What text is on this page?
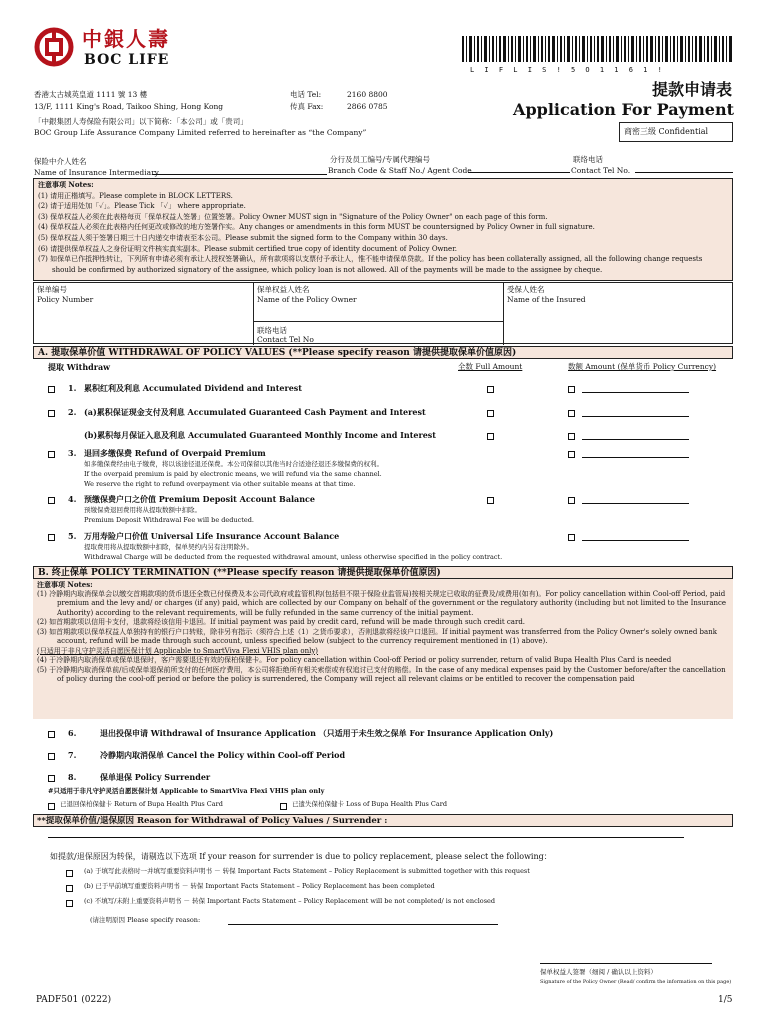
中銀人壽
BOC LIFE
L I F L I S ! 5 O 1 1 6 1 !
香港太古城英皇道 1111 號 13 樓
13/F, 1111 King's Road, Taikoo Shing, Hong Kong
电话 Tel:	2160 8800
传真 Fax:	2866 0785
「中銀集团人寿保险有限公司」以下简称：「本公司」或「贵司」
BOC Group Life Assurance Company Limited referred to hereinafter as “the Company”
提款申请表
Application For Payment
商密三级 Confidential
保险中介人姓名
Name of Insurance Intermediary
分行及员工编号/专属代理编号
Branch Code & Staff No./ Agent Code
联络电话
Contact Tel No.
注意事项 Notes:
(1) 请用正楷填写。Please complete in BLOCK LETTERS.
(2) 请于适用处加「✓」。Please Tick 「✓」 where appropriate.
(3) 保单权益人必须在此表格每页「保单权益人签署」位置签署。Policy Owner MUST sign in "Signature of the Policy Owner" on each page of this form.
(4) 保单权益人必须在此表格内任何更改或修改的地方签署作实。Any changes or amendments in this form MUST be countersigned by Policy Owner in full signature.
(5) 保单权益人须于签署日期三十日内递交申请表至本公司。Please submit the signed form to the Company within 30 days.
(6) 请提供保单权益人之身份证明文件核实真实副本。Please submit certified true copy of identity document of Policy Owner.
(7) 如保单已作抵押性转让，下列所有申请必须有承让人授权签署确认，所有款项将以支票付予承让人，惟不能申请保单贷款。If the policy has been collaterally assigned, all the following change requests should be confirmed by authorized signatory of the assignee, which policy loan is not allowed. All of the payments will be made to the assignee by cheque.
保单编号
Policy Number
保单权益人姓名
Name of the Policy Owner
受保人姓名
Name of the Insured
联络电话
Contact Tel No
A. 提取保单价值 WITHDRAWAL OF POLICY VALUES (**Please specify reason 请提供提取保单价值原因)
提取 Withdraw	全数 Full Amount	数额 Amount (保单货币 Policy Currency)
1. 累积红利及利息 Accumulated Dividend and Interest
2. (a)累积保证现金支付及利息 Accumulated Guaranteed Cash Payment and Interest
(b)累积每月保证入息及利息 Accumulated Guaranteed Monthly Income and Interest
3. 退回多缴保费 Refund of Overpaid Premium
如多缴保费经由电子缴费，将以该途径退还保费。本公司保留以其他当时合适途径退还多缴保费的权利。
If the overpaid premium is paid by electronic means, we will refund via the same channel.
We reserve the right to refund overpayment via other suitable means at that time.
4. 预缴保费户口之价值 Premium Deposit Account Balance
预缴保费退回费用将从提取数额中扣除。
Premium Deposit Withdrawal Fee will be deducted.
5. 万用寿险户口价值 Universal Life Insurance Account Balance
提取费用将从提取数额中扣除，保单契约内另有注明除外。
Withdrawal Charge will be deducted from the requested withdrawal amount, unless otherwise specified in the policy contract.
B. 终止保单 POLICY TERMINATION (**Please specify reason 请提供提取保单价值原因)
注意事项 Notes:
(1) 冷静期内取消保单会以缴交首期款项的货币退还全数已付保费及本公司代政府或监管机构(包括但不限于保险业监管局)按相关规定已收取的征费及/或费用(如有)。For policy cancellation within Cool-off Period, paid premium and the levy and/ or charges (if any) paid, which are collected by our Company on behalf of the government or the regulatory authority (including but not limited to the Insurance Authority) according to the relevant requirements, will be fully refunded in the same currency of the initial payment.
(2) 如首期款项以信用卡支付，退款将经该信用卡退回。If initial payment was paid by credit card, refund will be made through such credit card.
(3) 如首期款项以保单权益人单独持有的银行户口转账，除非另有指示（须符合上述（1）之货币要求），否则退款将经该户口退回。If initial payment was transferred from the Policy Owner's solely owned bank account, refund will be made through such account, unless specified below (subject to the currency requirement mentioned in (1) above).
(只适用于非凡守护灵活自愿医保计划 Applicable to SmartViva Flexi VHIS plan only)
(4) 于冷静期内取消保单或保单退保时，客户需要退还有效的保柏保健卡。For policy cancellation within Cool-off Period or policy surrender, return of valid Bupa Health Plus Card is needed
(5) 于冷静期内取消保单前/后或保单退保前所支付的任何医疗费用，本公司将拒绝所有相关索偿或有权追讨已支付的赔偿。In the case of any medical expenses paid by the Customer before/after the cancellation of policy during the cool-off period or before the policy is surrendered, the Company will reject all relevant claims or be entitled to recover the compensation paid
6.	退出投保申请 Withdrawal of Insurance Application （只适用于未生效之保单 For Insurance Application Only)
7.	冷静期内取消保单 Cancel the Policy within Cool-off Period
8.	保单退保 Policy Surrender
#只适用于非凡守护灵活自愿医保计划 Applicable to SmartViva Flexi VHIS plan only
已退回保柏保健卡 Return of Bupa Health Plus Card	已遗失保柏保健卡 Loss of Bupa Health Plus Card
**提取保单价值/退保原因 Reason for Withdrawal of Policy Values / Surrender :
如提款/退保原因为转保，请剔选以下选项 If your reason for surrender is due to policy replacement, please select the following：
(a) 于填写此表格时一并填写重要资料声明书 － 转保 Important Facts Statement – Policy Replacement is submitted together with this request
(b) 已于早前填写重要资料声明书 － 转保 Important Facts Statement – Policy Replacement has been completed
(c) 不填写/未附上重要资料声明书 － 转保 Important Facts Statement – Policy Replacement will be not completed/ is not enclosed
(请注明原因 Please specify reason:
保单权益人签署（细阅 / 确认以上资料）
Signature of the Policy Owner (Read/ confirm the information on this page)
PADF501 (0222)	1/5
